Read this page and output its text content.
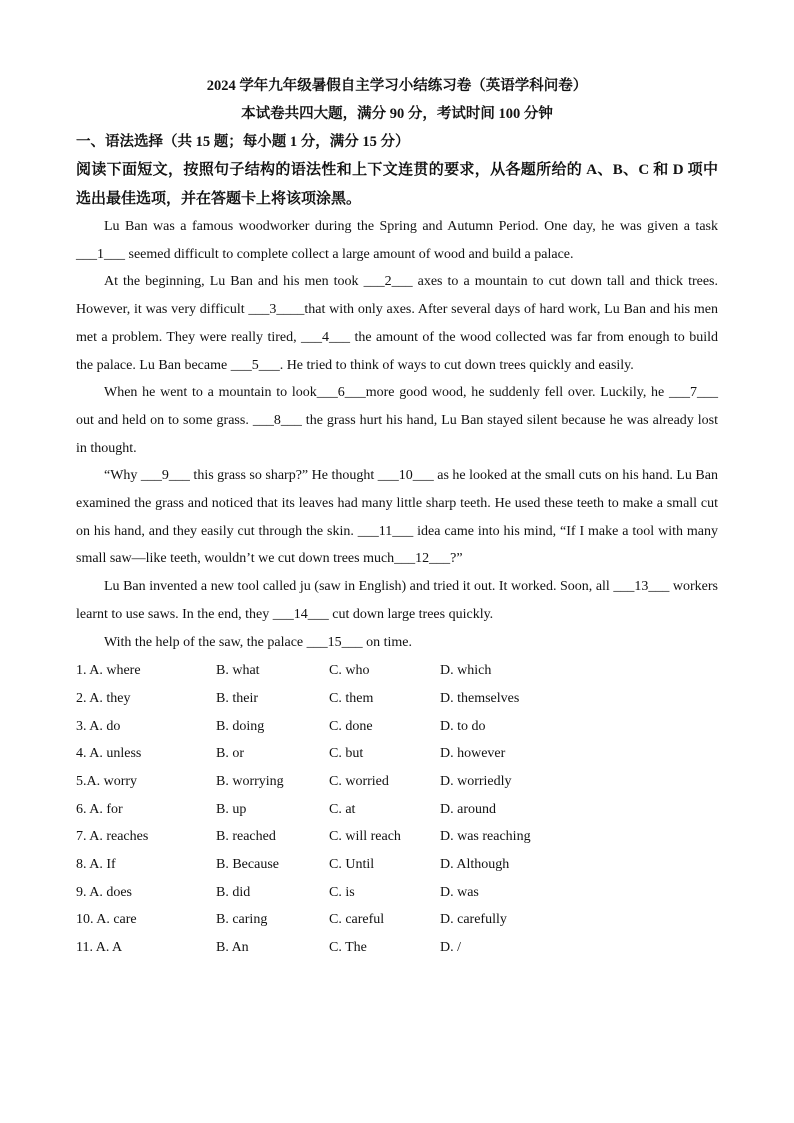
2024 学年九年级暑假自主学习小结练习卷（英语学科问卷）

本试卷共四大题，满分 90 分，考试时间 100 分钟

一、语法选择（共 15 题；每小题 1 分，满分 15 分）

阅读下面短文，按照句子结构的语法性和上下文连贯的要求，从各题所给的 A、B、C 和 D 项中选出最佳选项，并在答题卡上将该项涂黑。

Lu Ban was a famous woodworker during the Spring and Autumn Period. One day, he was given a task ___1___ seemed difficult to complete collect a large amount of wood and build a palace.

At the beginning, Lu Ban and his men took ___2___ axes to a mountain to cut down tall and thick trees. However, it was very difficult ___3____that with only axes. After several days of hard work, Lu Ban and his men met a problem. They were really tired, ___4___ the amount of the wood collected was far from enough to build the palace. Lu Ban became ___5___. He tried to think of ways to cut down trees quickly and easily.

When he went to a mountain to look___6___more good wood, he suddenly fell over. Luckily, he ___7___ out and held on to some grass. ___8___ the grass hurt his hand, Lu Ban stayed silent because he was already lost in thought.

“Why ___9___ this grass so sharp?” He thought ___10___ as he looked at the small cuts on his hand. Lu Ban examined the grass and noticed that its leaves had many little sharp teeth. He used these teeth to make a small cut on his hand, and they easily cut through the skin. ___11___ idea came into his mind, “If I make a tool with many small saw—like teeth, wouldn’t we cut down trees much___12___?”

Lu Ban invented a new tool called ju (saw in English) and tried it out. It worked. Soon, all ___13___ workers learnt to use saws. In the end, they ___14___ cut down large trees quickly.

With the help of the saw, the palace ___15___ on time.

1. A. where	B. what	C. who	D. which
2. A. they	B. their	C. them	D. themselves
3. A. do	B. doing	C. done	D. to do
4. A. unless	B. or	C. but	D. however
5.A. worry	B. worrying	C. worried	D. worriedly
6. A. for	B. up	C. at	D. around
7. A. reaches	B. reached	C. will reach	D. was reaching
8. A. If	B. Because	C. Until	D. Although
9. A. does	B. did	C. is	D. was
10. A. care	B. caring	C. careful	D. carefully
11. A. A	B. An	C. The	D. /
